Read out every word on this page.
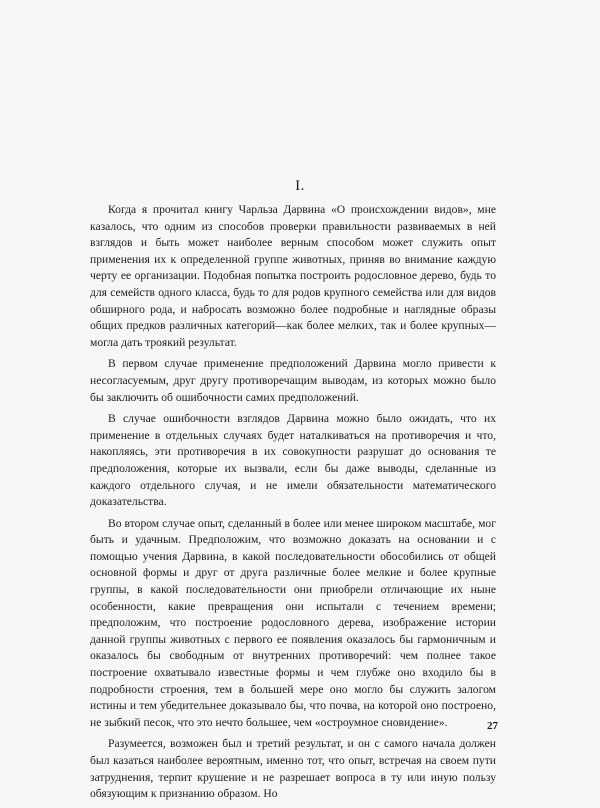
I.

Когда я прочитал книгу Чарльза Дарвина «О происхождении видов», мне казалось, что одним из способов проверки правильности развиваемых в ней взглядов и быть может наиболее верным способом может служить опыт применения их к определенной группе животных, приняв во внимание каждую черту ее организации. Подобная попытка построить родословное дерево, будь то для семейств одного класса, будь то для родов крупного семейства или для видов обширного рода, и набросать возможно более подробные и наглядные образы общих предков различных категорий—как более мелких, так и более крупных—могла дать трoякий результат.

В первом случае применение предположений Дарвина могло привести к несогласуемым, друг другу противоречащим выводам, из которых можно было бы заключить об ошибочности самих предположений.

В случае ошибочности взглядов Дарвина можно было ожидать, что их применение в отдельных случаях будет наталкиваться на противоречия и что, накопляясь, эти противоречия в их совокупности разрушат до основания те предположения, которые их вызвали, если бы даже выводы, сделанные из каждого отдельного случая, и не имели обязательности математического доказательства.

Во втором случае опыт, сделанный в более или менее широком масштабе, мог быть и удачным. Предположим, что возможно доказать на основании и с помощью учения Дарвина, в какой последовательности обособились от общей основной формы и друг от друга различные более мелкие и более крупные группы, в какой последовательности они приобрели отличающие их ныне особенности, какие превращения они испытали с течением времени; предположим, что построение родословного дерева, изображение истории данной группы животных с первого ее появления оказалось бы гармоничным и оказалось бы свободным от внутренних противоречий: чем полнее такое построение охватывало известные формы и чем глубже оно входило бы в подробности строения, тем в большей мере оно могло бы служить залогом истины и тем убедительнее доказывало бы, что почва, на которой оно построено, не зыбкий песок, что это нечто большее, чем «остроумное сновидение».

Разумеется, возможен был и третий результат, и он с самого начала должен был казаться наиболее вероятным, именно тот, что опыт, встречая на своем пути затруднения, терпит крушение и не разрешает вопроса в ту или иную пользу обязующим к признанию образом. Но

27
